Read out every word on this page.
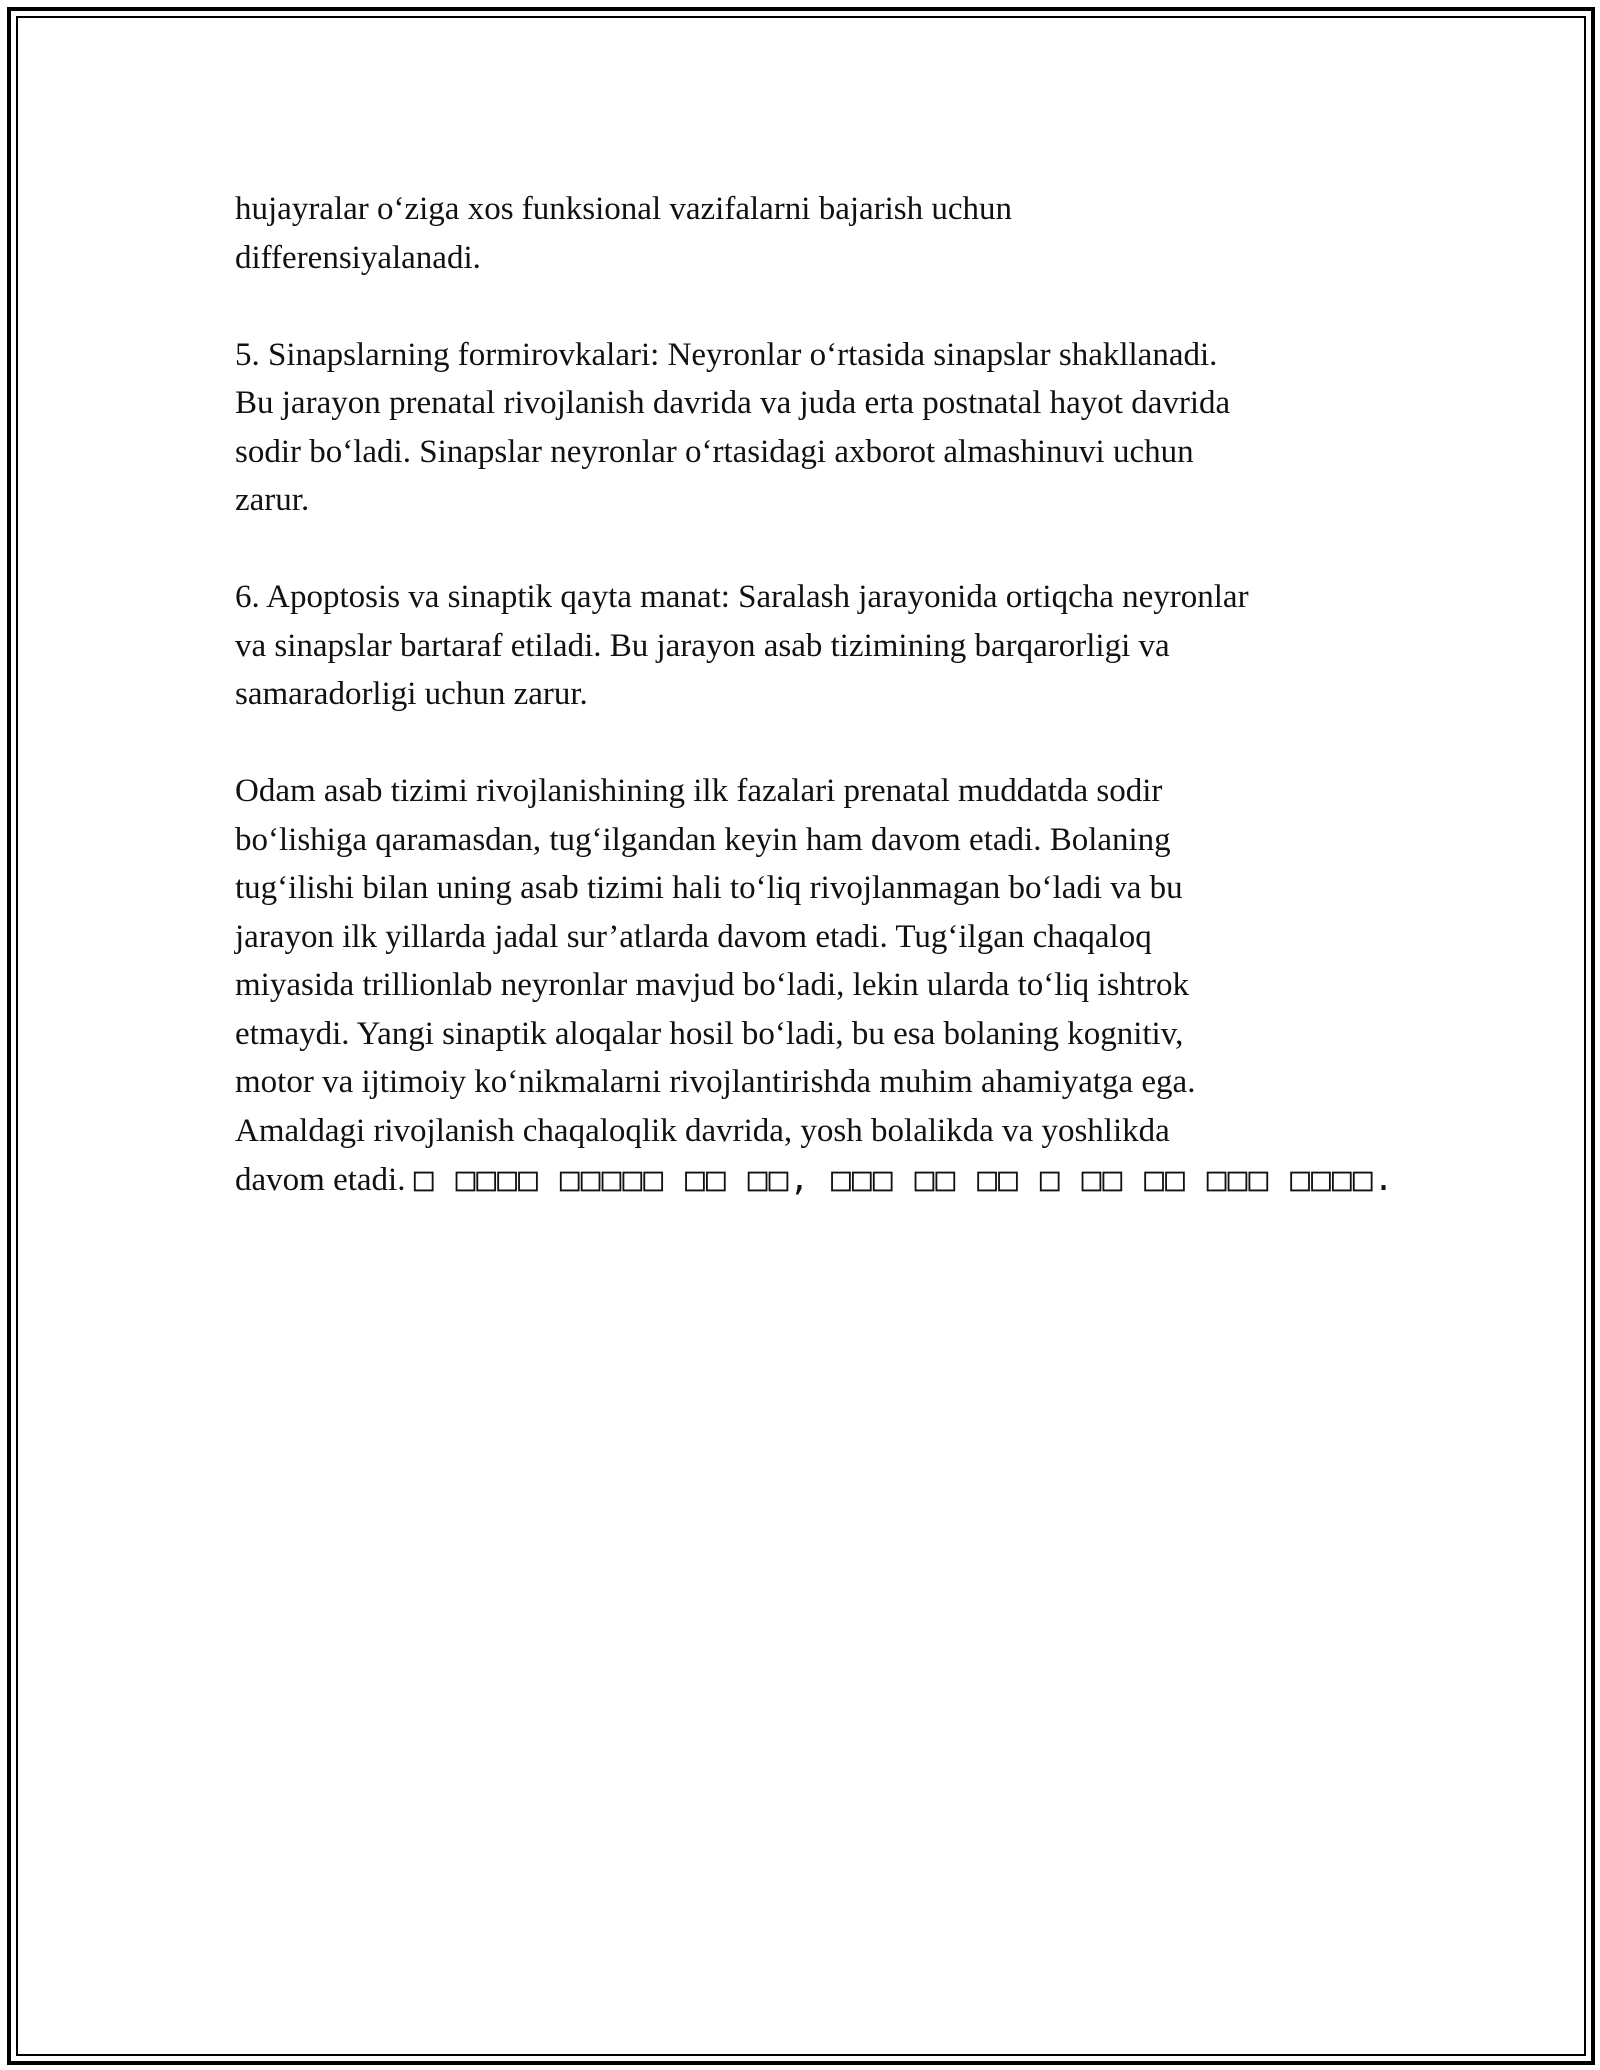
hujayralar o‘ziga xos funksional vazifalarni bajarish uchun
differensiyalanadi.

5. Sinapslarning formirovkalari: Neyronlar o‘rtasida sinapslar shakllanadi.
Bu jarayon prenatal rivojlanish davrida va juda erta postnatal hayot davrida
sodir bo‘ladi. Sinapslar neyronlar o‘rtasidagi axborot almashinuvi uchun
zarur.

6. Apoptosis va sinaptik qayta manat: Saralash jarayonida ortiqcha neyronlar
va sinapslar bartaraf etiladi. Bu jarayon asab tizimining barqarorligi va
samaradorligi uchun zarur.

Odam asab tizimi rivojlanishining ilk fazalari prenatal muddatda sodir
bo‘lishiga qaramasdan, tug‘ilgandan keyin ham davom etadi. Bolaning
tug‘ilishi bilan uning asab tizimi hali to‘liq rivojlanmagan bo‘ladi va bu
jarayon ilk yillarda jadal sur’atlarda davom etadi. Tug‘ilgan chaqaloq
miyasida trillionlab neyronlar mavjud bo‘ladi, lekin ularda to‘liq ishtrok
etmaydi. Yangi sinaptik aloqalar hosil bo‘ladi, bu esa bolaning kognitiv,
motor va ijtimoiy ko‘nikmalarni rivojlantirishda muhim ahamiyatga ega.
Amaldagi rivojlanish chaqaloqlik davrida, yosh bolalikda va yoshlikda
davom etadi. □ □□□□ □□□□□ □□ □□, □□□ □□ □□ □ □□ □□ □□□ □□□□.
